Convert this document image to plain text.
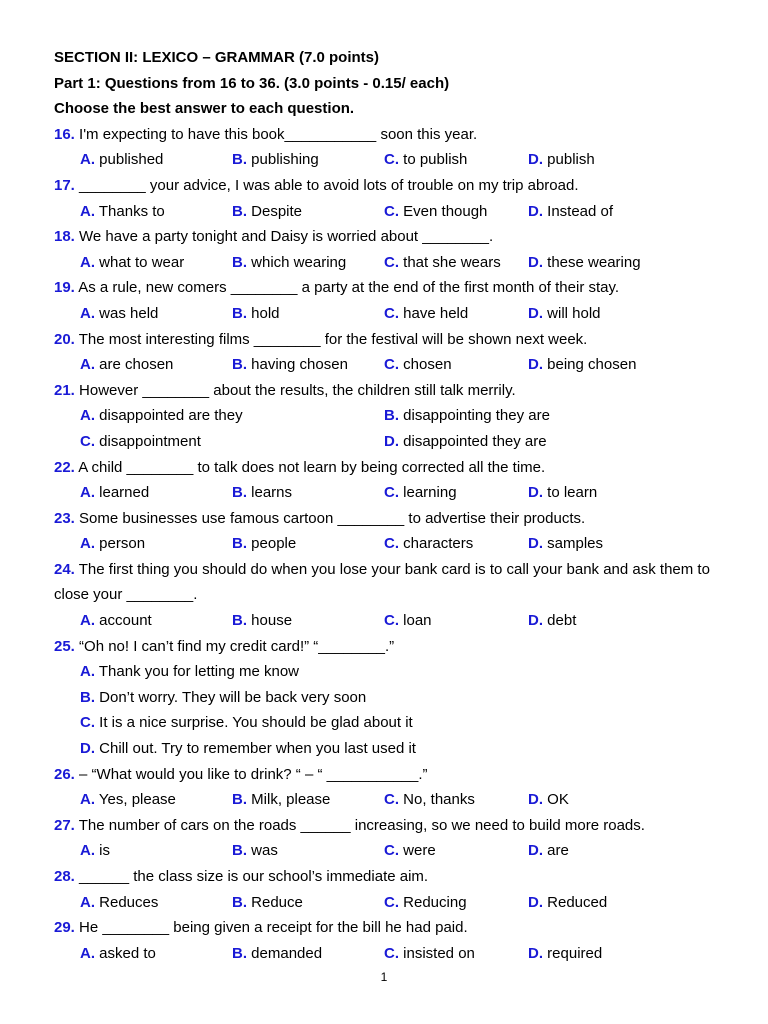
SECTION II: LEXICO – GRAMMAR (7.0 points)
Part 1: Questions from 16 to 36. (3.0 points - 0.15/ each)
Choose the best answer to each question.
16. I'm expecting to have this book___________ soon this year.
A. published	B. publishing	C. to publish	D. publish
17. ________ your advice, I was able to avoid lots of trouble on my trip abroad.
A. Thanks to	B. Despite	C. Even though	D. Instead of
18. We have a party tonight and Daisy is worried about ________.
A. what to wear	B. which wearing	C. that she wears D. these wearing
19. As a rule, new comers ________ a party at the end of the first month of their stay.
A. was held	B. hold	C. have held	D. will hold
20. The most interesting films ________ for the festival will be shown next week.
A. are chosen	B. having chosen C. chosen	D. being chosen
21. However ________ about the results, the children still talk merrily.
A. disappointed are they	B. disappointing they are
C. disappointment	D. disappointed they are
22. A child ________ to talk does not learn by being corrected all the time.
A. learned	B. learns	C. learning	D. to learn
23. Some businesses use famous cartoon ________ to advertise their products.
A. person	B. people	C. characters	D. samples
24. The first thing you should do when you lose your bank card is to call your bank and ask them to
close your ________.
A. account	B. house	C. loan	D. debt
25. “Oh no! I can’t find my credit card!” “________.”
A. Thank you for letting me know
B. Don’t worry. They will be back very soon
C. It is a nice surprise. You should be glad about it
D. Chill out. Try to remember when you last used it
26. – “What would you like to drink? “ – “ ___________.”
A. Yes, please	B. Milk, please	C. No, thanks	D. OK
27. The number of cars on the roads ______ increasing, so we need to build more roads.
A. is	B. was	C. were	D. are
28. ______ the class size is our school’s immediate aim.
A. Reduces	B. Reduce	C. Reducing	D. Reduced
29. He ________ being given a receipt for the bill he had paid.
A. asked to	B. demanded	C. insisted on	D. required
1
